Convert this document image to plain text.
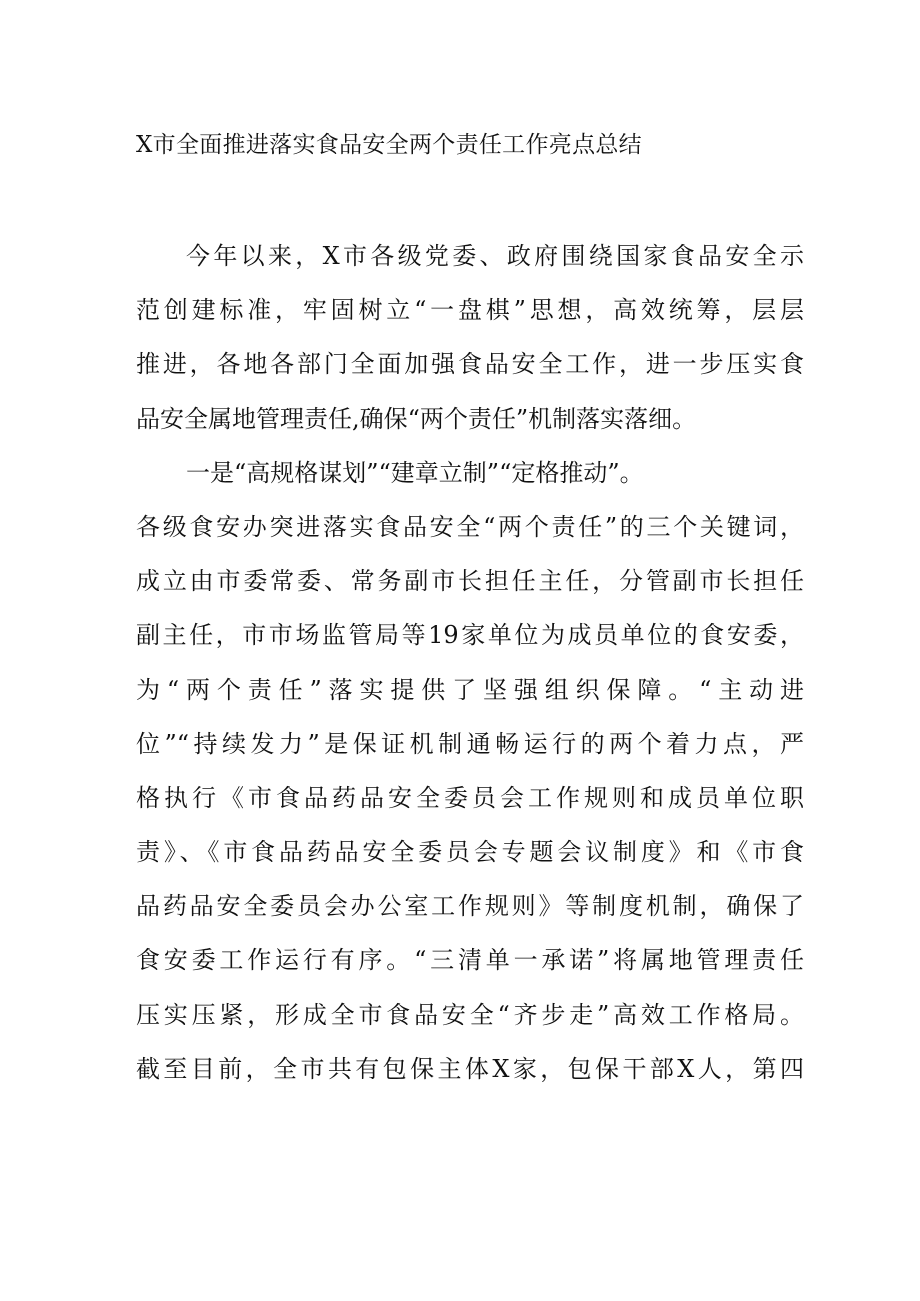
X市全面推进落实食品安全两个责任工作亮点总结
今年以来，X市各级党委、政府围绕国家食品安全示
范创建标准，牢固树立“一盘棋”思想，高效统筹，层层
推进，各地各部门全面加强食品安全工作，进一步压实食
品安全属地管理责任,确保“两个责任”机制落实落细。
一是“高规格谋划”“建章立制”“定格推动”。
各级食安办突进落实食品安全“两个责任”的三个关键词，
成立由市委常委、常务副市长担任主任，分管副市长担任
副主任，市市场监管局等19家单位为成员单位的食安委，
为“两个责任”落实提供了坚强组织保障。“主动进
位”“持续发力”是保证机制通畅运行的两个着力点，严
格执行《市食品药品安全委员会工作规则和成员单位职
责》、《市食品药品安全委员会专题会议制度》和《市食
品药品安全委员会办公室工作规则》等制度机制，确保了
食安委工作运行有序。“三清单一承诺”将属地管理责任
压实压紧，形成全市食品安全“齐步走”高效工作格局。
截至目前，全市共有包保主体X家，包保干部X人，第四
